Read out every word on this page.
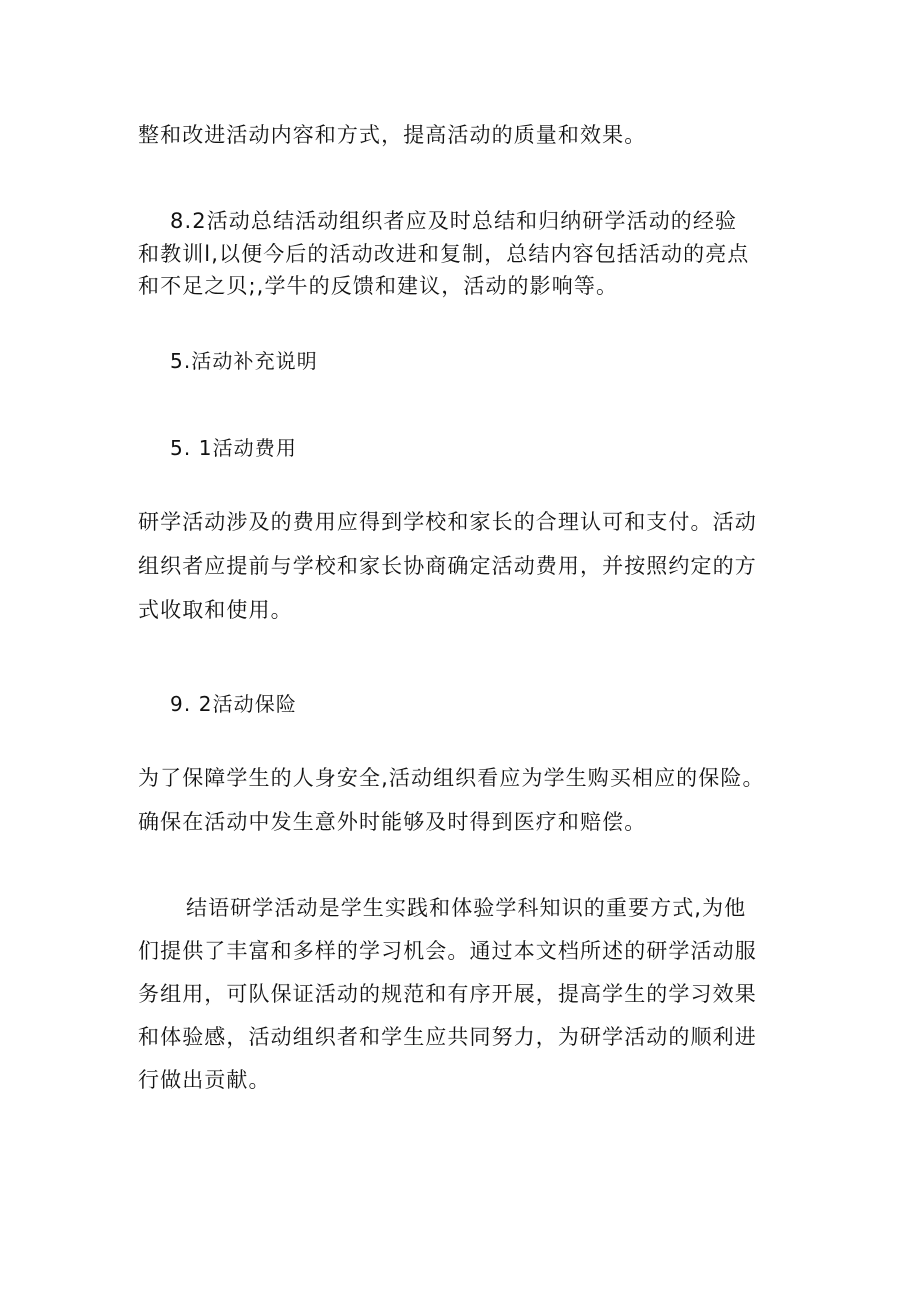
整和改进活动内容和方式，提高活动的质量和效果。
8.2活动总结活动组织者应及时总结和归纳研学活动的经验
和教训l,以便今后的活动改进和复制，总结内容包括活动的亮点
和不足之贝;,学牛的反馈和建议，活动的影响等。
5.活动补充说明
5. 1活动费用
研学活动涉及的费用应得到学校和家长的合理认可和支付。活动
组织者应提前与学校和家长协商确定活动费用，并按照约定的方
式收取和使用。
9. 2活动保险
为了保障学生的人身安全,活动组织看应为学生购买相应的保险。
确保在活动中发生意外时能够及时得到医疗和赔偿。
结语研学活动是学生实践和体验学科知识的重要方式,为他
们提供了丰富和多样的学习机会。通过本文档所述的研学活动服
务组用，可队保证活动的规范和有序开展，提高学生的学习效果
和体验感，活动组织者和学生应共同努力，为研学活动的顺利进
行做出贡献。
